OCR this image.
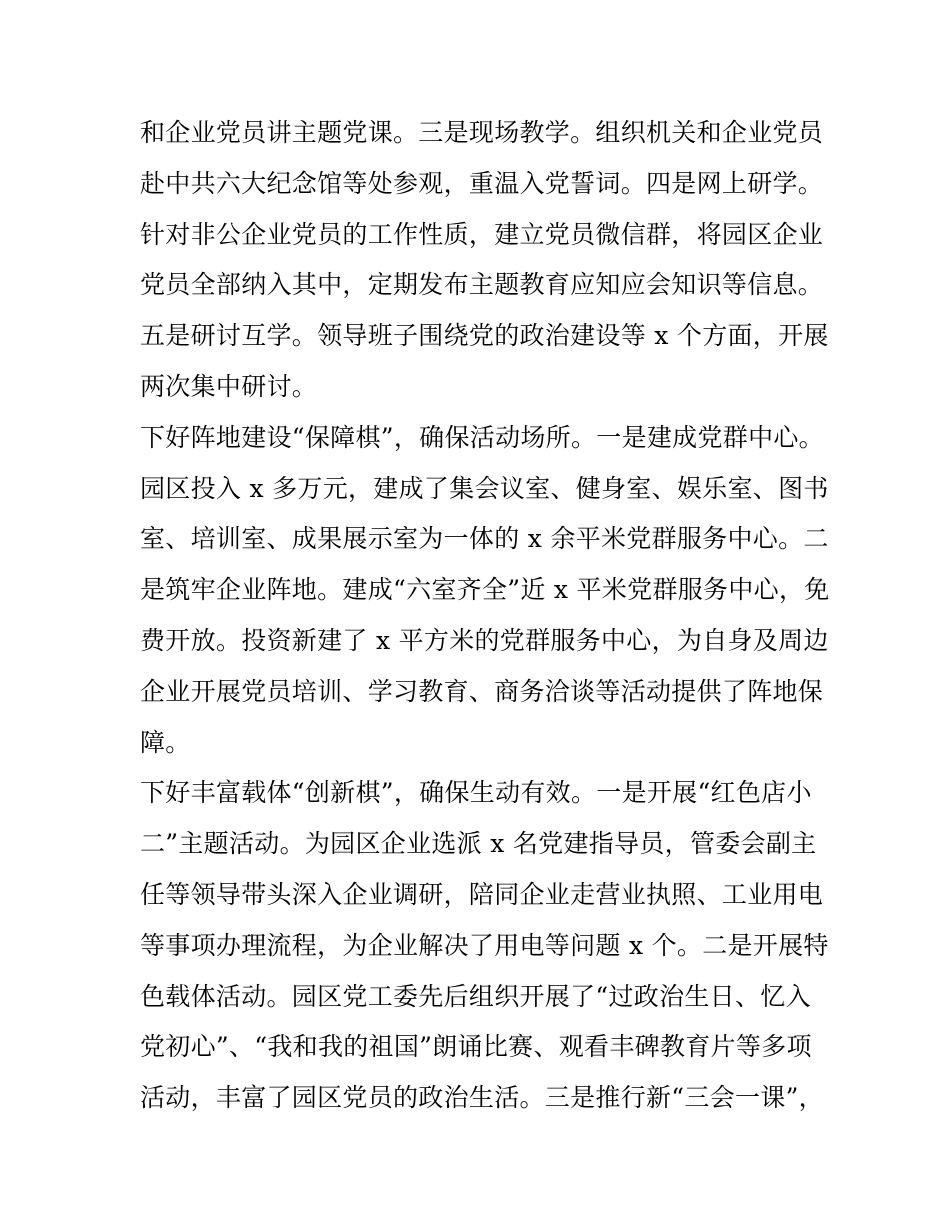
和企业党员讲主题党课。三是现场教学。组织机关和企业党员
赴中共六大纪念馆等处参观，重温入党誓词。四是网上研学。
针对非公企业党员的工作性质，建立党员微信群，将园区企业
党员全部纳入其中，定期发布主题教育应知应会知识等信息。
五是研讨互学。领导班子围绕党的政治建设等 x 个方面，开展
两次集中研讨。
下好阵地建设“保障棋”，确保活动场所。一是建成党群中心。
园区投入 x 多万元，建成了集会议室、健身室、娱乐室、图书
室、培训室、成果展示室为一体的 x 余平米党群服务中心。二
是筑牢企业阵地。建成“六室齐全”近 x 平米党群服务中心，免
费开放。投资新建了 x 平方米的党群服务中心，为自身及周边
企业开展党员培训、学习教育、商务洽谈等活动提供了阵地保
障。
下好丰富载体“创新棋”，确保生动有效。一是开展“红色店小
二”主题活动。为园区企业选派 x 名党建指导员，管委会副主
任等领导带头深入企业调研，陪同企业走营业执照、工业用电
等事项办理流程，为企业解决了用电等问题 x 个。二是开展特
色载体活动。园区党工委先后组织开展了“过政治生日、忆入
党初心”、“我和我的祖国”朗诵比赛、观看丰碑教育片等多项
活动，丰富了园区党员的政治生活。三是推行新“三会一课”，
